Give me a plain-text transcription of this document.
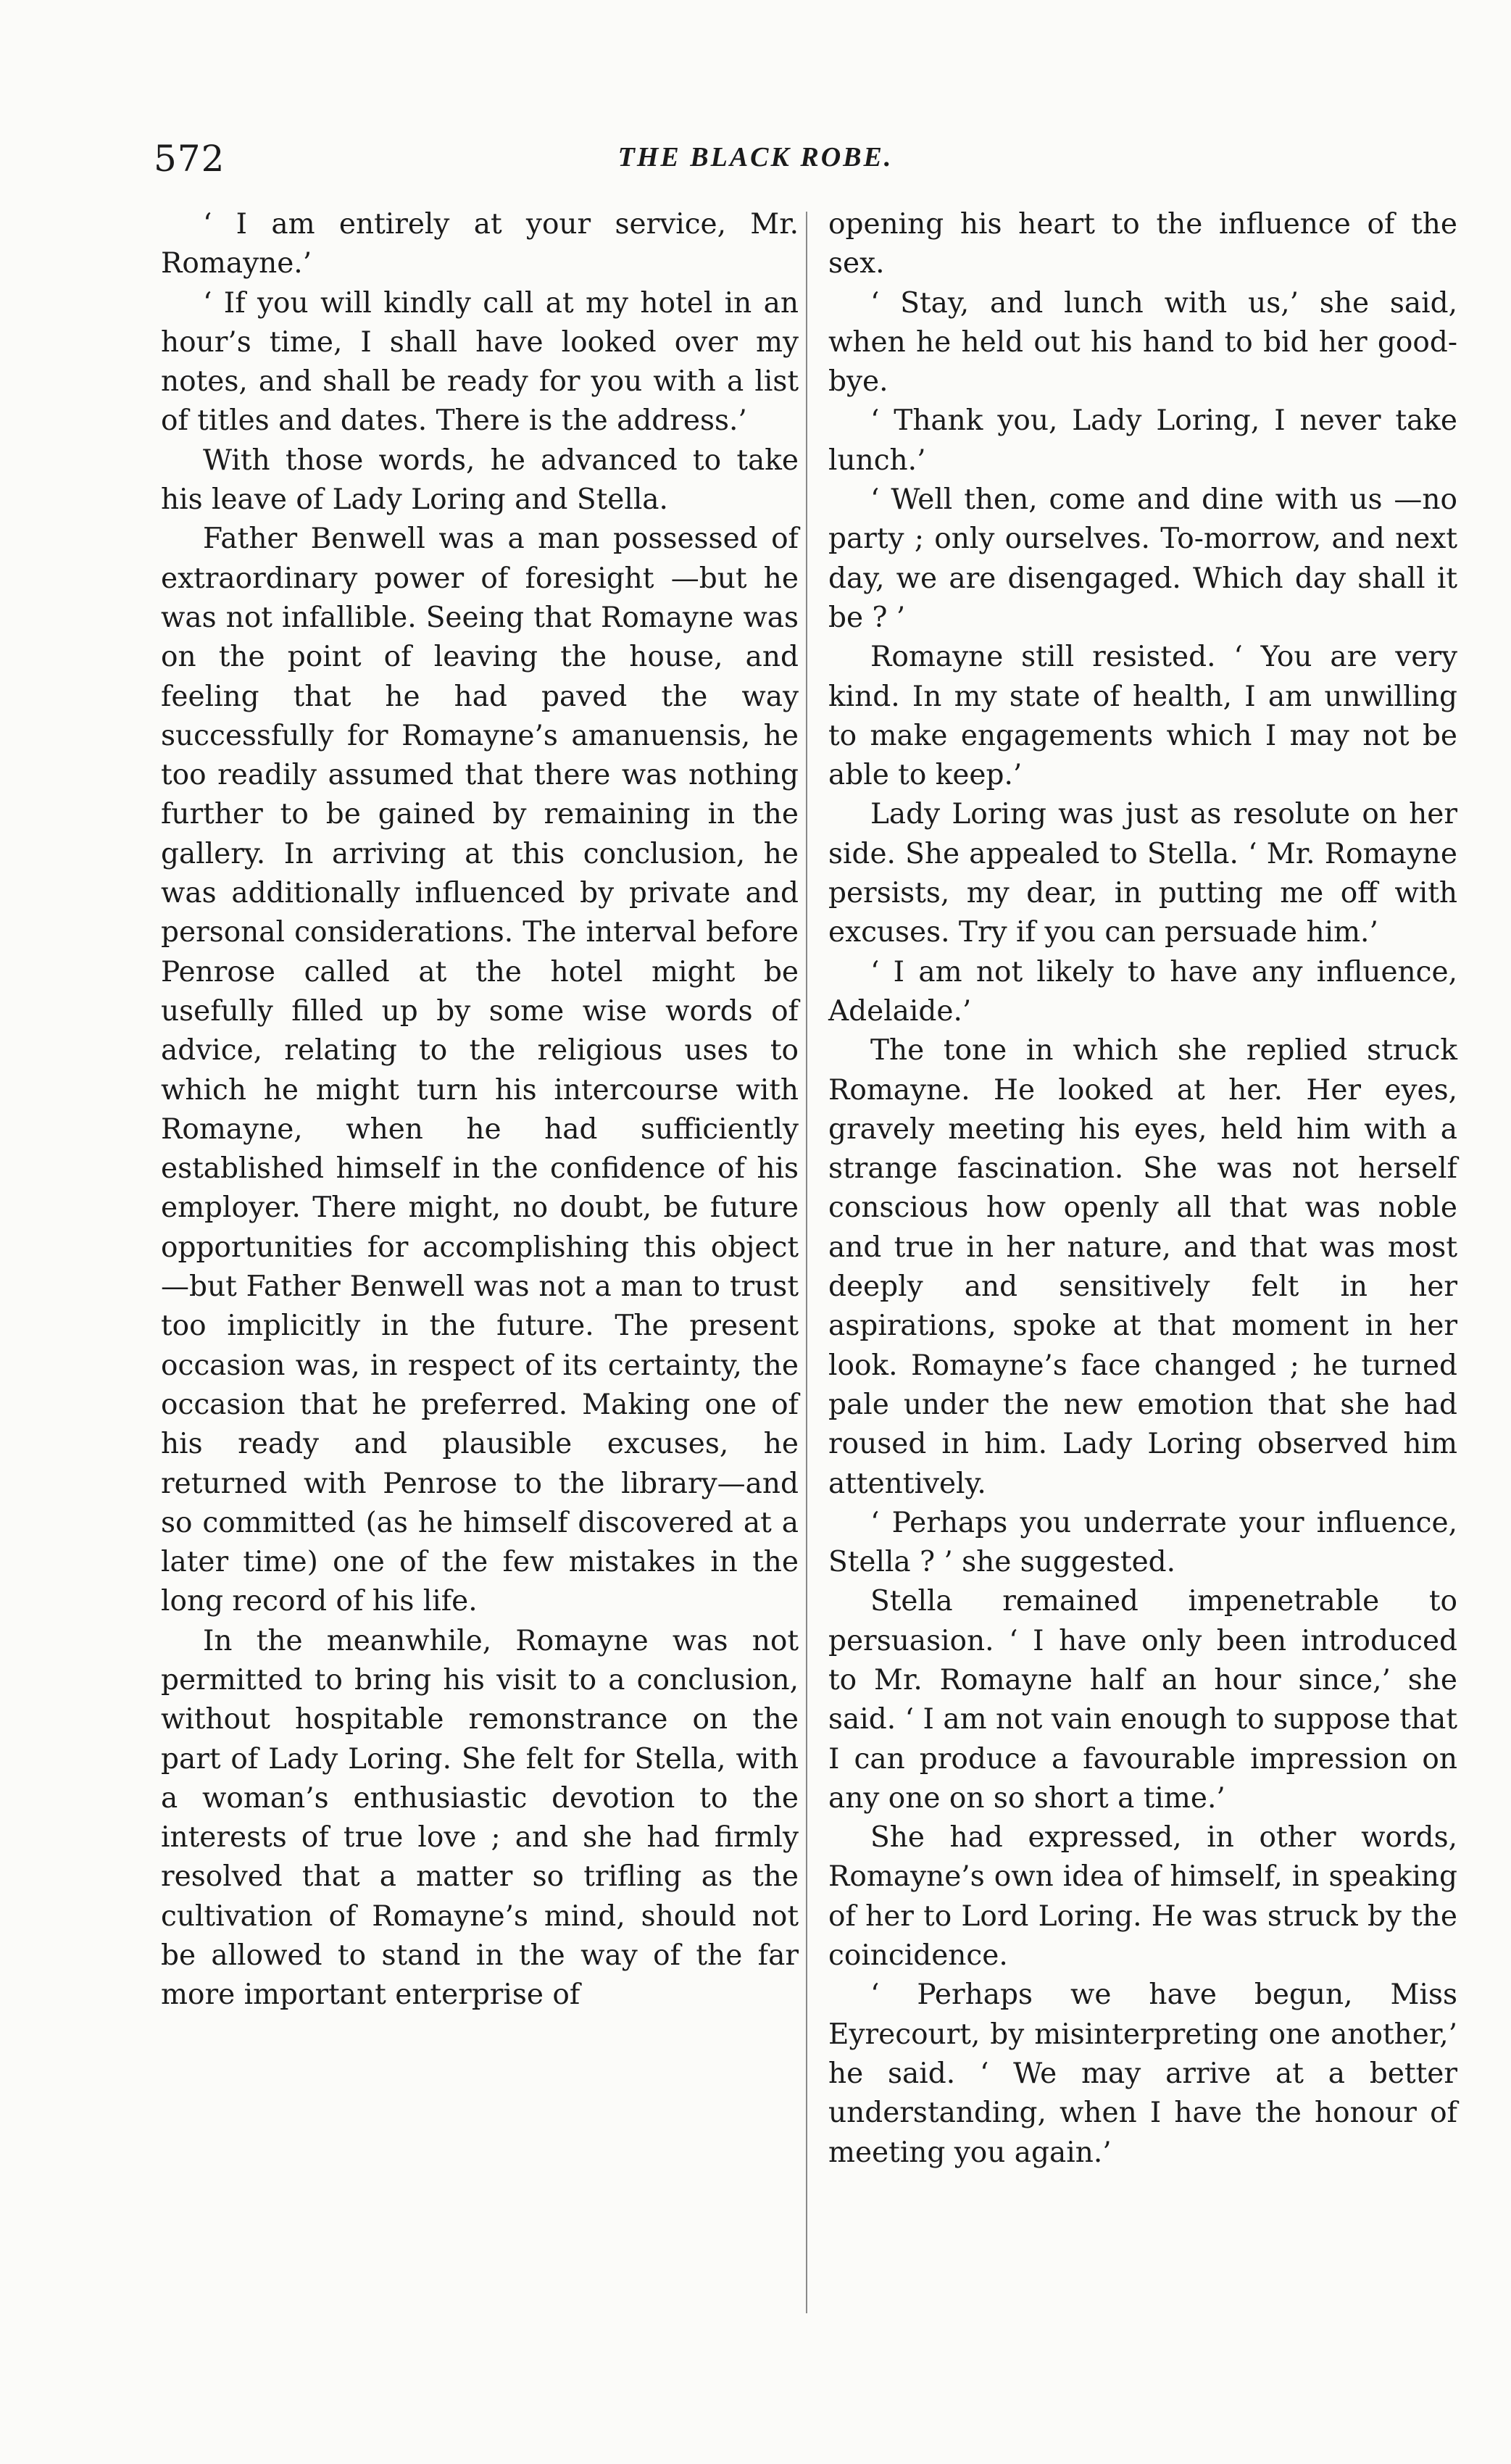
572	THE BLACK ROBE.

‘ I am entirely at your service, Mr. Romayne.’

‘ If you will kindly call at my hotel in an hour’s time, I shall have looked over my notes, and shall be ready for you with a list of titles and dates. There is the address.’

With those words, he advanced to take his leave of Lady Loring and Stella.

Father Benwell was a man possessed of extraordinary power of foresight —but he was not infallible. Seeing that Romayne was on the point of leaving the house, and feeling that he had paved the way successfully for Romayne’s amanuensis, he too readily assumed that there was nothing further to be gained by remaining in the gallery. In arriving at this conclusion, he was additionally influenced by private and personal considerations. The interval before Penrose called at the hotel might be usefully filled up by some wise words of advice, relating to the religious uses to which he might turn his intercourse with Romayne, when he had sufficiently established himself in the confidence of his employer. There might, no doubt, be future opportunities for accomplishing this object—but Father Benwell was not a man to trust too implicitly in the future. The present occasion was, in respect of its certainty, the occasion that he preferred. Making one of his ready and plausible excuses, he returned with Penrose to the library—and so committed (as he himself discovered at a later time) one of the few mistakes in the long record of his life.

In the meanwhile, Romayne was not permitted to bring his visit to a conclusion, without hospitable remonstrance on the part of Lady Loring. She felt for Stella, with a woman’s enthusiastic devotion to the interests of true love ; and she had firmly resolved that a matter so trifling as the cultivation of Romayne’s mind, should not be allowed to stand in the way of the far more important enterprise of

opening his heart to the influence of the sex.

‘ Stay, and lunch with us,’ she said, when he held out his hand to bid her good-bye.

‘ Thank you, Lady Loring, I never take lunch.’

‘ Well then, come and dine with us —no party ; only ourselves. To-morrow, and next day, we are disengaged. Which day shall it be ? ’

Romayne still resisted. ‘ You are very kind. In my state of health, I am unwilling to make engagements which I may not be able to keep.’

Lady Loring was just as resolute on her side. She appealed to Stella. ‘ Mr. Romayne persists, my dear, in putting me off with excuses. Try if you can persuade him.’

‘ I am not likely to have any influence, Adelaide.’

The tone in which she replied struck Romayne. He looked at her. Her eyes, gravely meeting his eyes, held him with a strange fascination. She was not herself conscious how openly all that was noble and true in her nature, and that was most deeply and sensitively felt in her aspirations, spoke at that moment in her look. Romayne’s face changed ; he turned pale under the new emotion that she had roused in him. Lady Loring observed him attentively.

‘ Perhaps you underrate your influence, Stella ? ’ she suggested.

Stella remained impenetrable to persuasion. ‘ I have only been introduced to Mr. Romayne half an hour since,’ she said. ‘ I am not vain enough to suppose that I can produce a favourable impression on any one on so short a time.’

She had expressed, in other words, Romayne’s own idea of himself, in speaking of her to Lord Loring. He was struck by the coincidence.

‘ Perhaps we have begun, Miss Eyrecourt, by misinterpreting one another,’ he said. ‘ We may arrive at a better understanding, when I have the honour of meeting you again.’
